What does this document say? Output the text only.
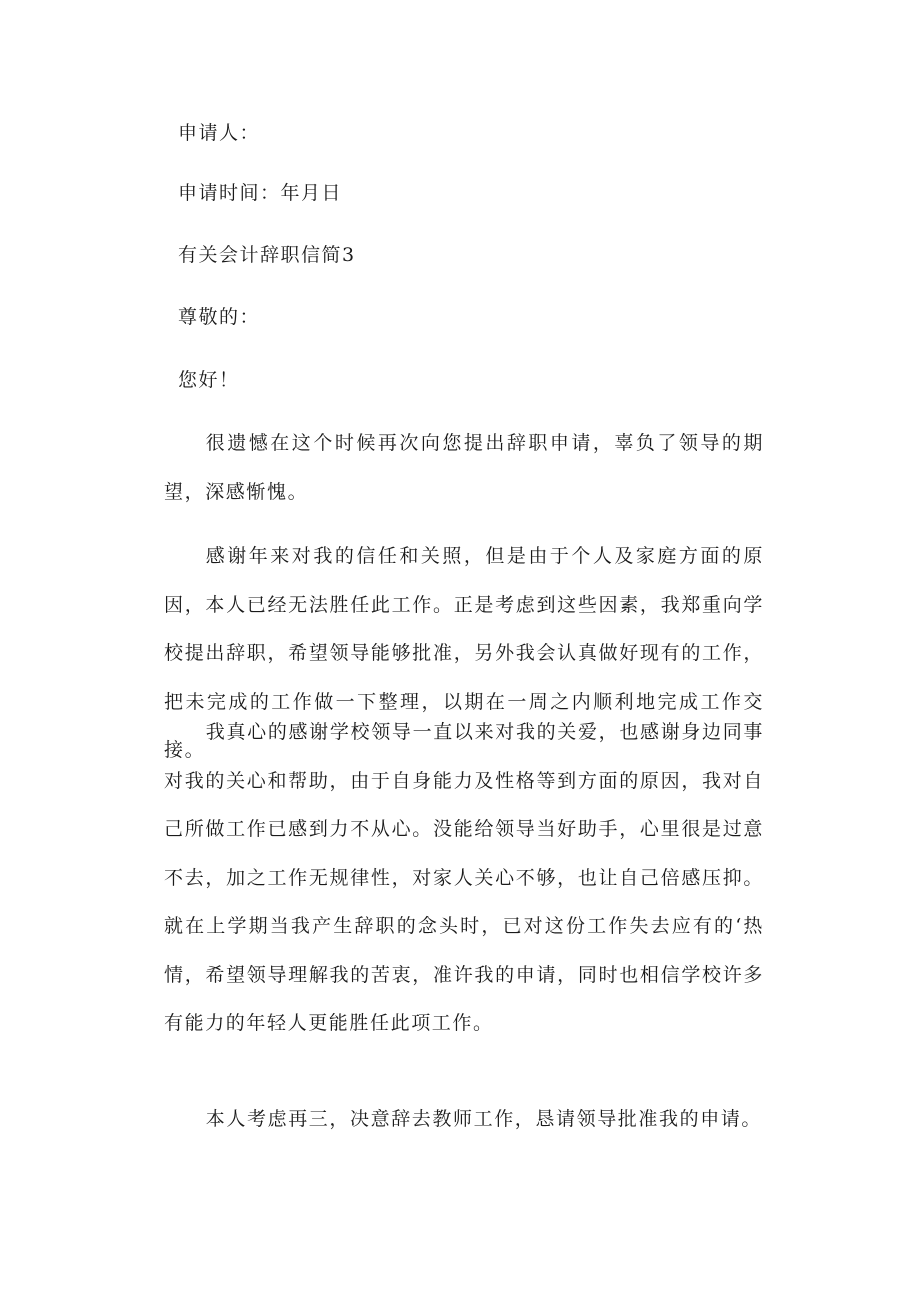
申请人：

申请时间：年月日

有关会计辞职信简3

尊敬的：

您好！

很遗憾在这个时候再次向您提出辞职申请，辜负了领导的期望，深感惭愧。

感谢年来对我的信任和关照，但是由于个人及家庭方面的原因，本人已经无法胜任此工作。正是考虑到这些因素，我郑重向学校提出辞职，希望领导能够批准，另外我会认真做好现有的工作，把未完成的工作做一下整理，以期在一周之内顺利地完成工作交接。

我真心的感谢学校领导一直以来对我的关爱，也感谢身边同事对我的关心和帮助，由于自身能力及性格等到方面的原因，我对自己所做工作已感到力不从心。没能给领导当好助手，心里很是过意不去，加之工作无规律性，对家人关心不够，也让自己倍感压抑。就在上学期当我产生辞职的念头时，已对这份工作失去应有的‘热情，希望领导理解我的苦衷，准许我的申请，同时也相信学校许多有能力的年轻人更能胜任此项工作。

本人考虑再三，决意辞去教师工作，恳请领导批准我的申请。
